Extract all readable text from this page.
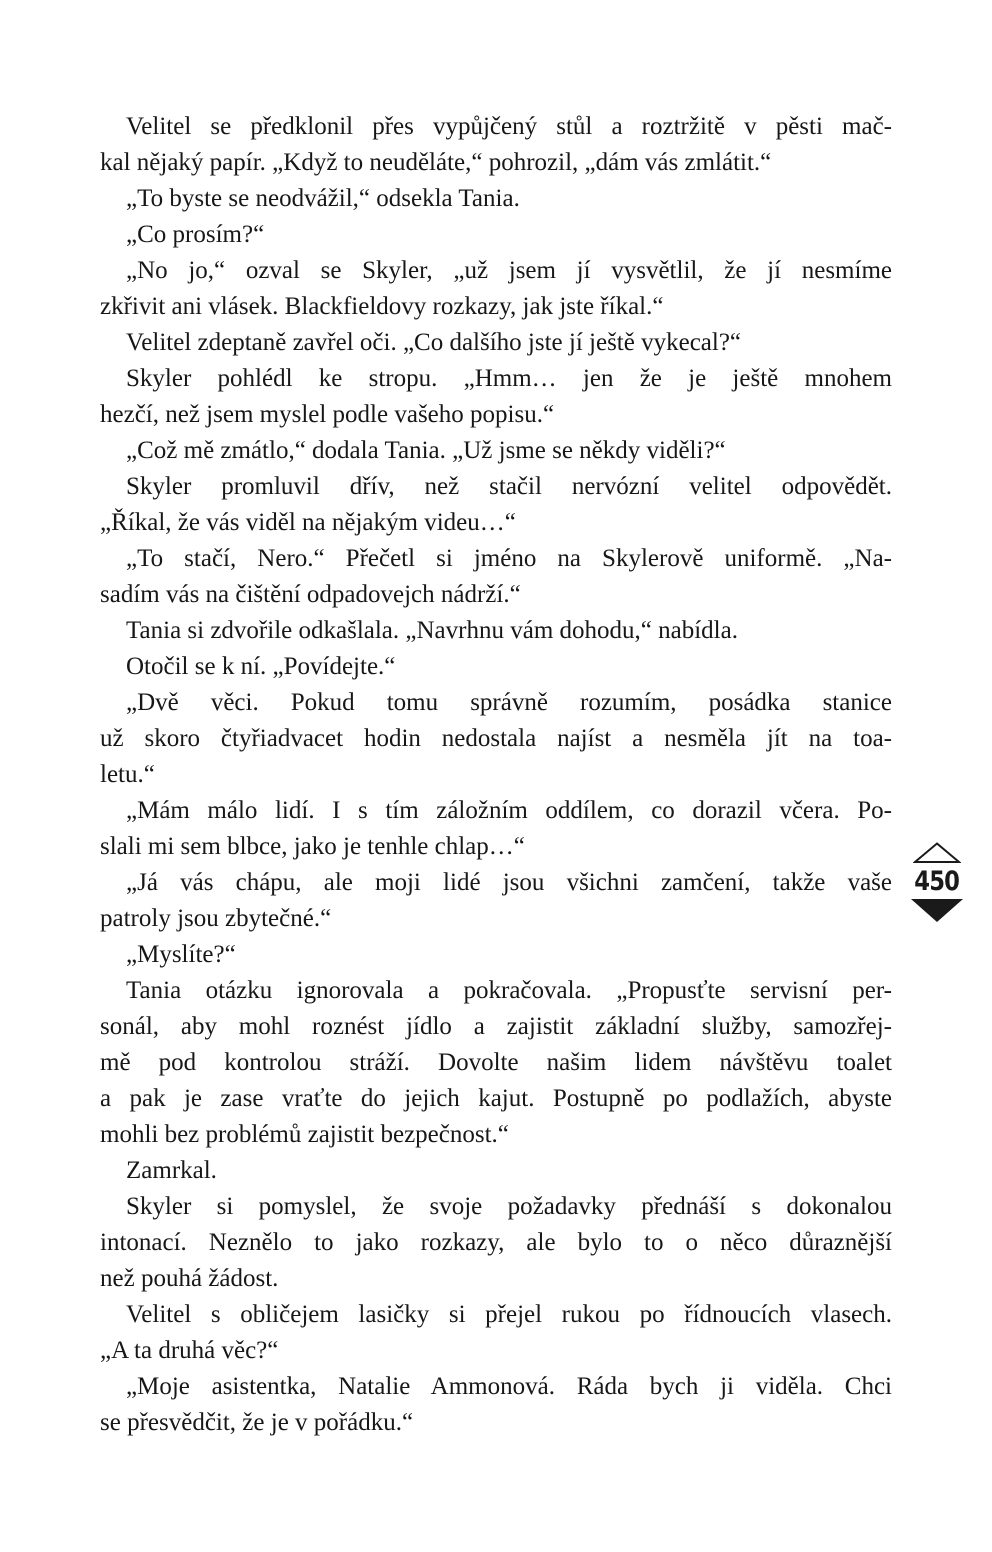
Velitel se předklonil přes vypůjčený stůl a roztržitě v pěsti mač-
kal nějaký papír. „Když to neuděláte,“ pohrozil, „dám vás zmlátit.“
„To byste se neodvážil,“ odsekla Tania.
„Co prosím?“
„No jo,“ ozval se Skyler, „už jsem jí vysvětlil, že jí nesmíme
zkřivit ani vlásek. Blackfieldovy rozkazy, jak jste říkal.“
Velitel zdeptaně zavřel oči. „Co dalšího jste jí ještě vykecal?“
Skyler pohlédl ke stropu. „Hmm… jen že je ještě mnohem
hezčí, než jsem myslel podle vašeho popisu.“
„Což mě zmátlo,“ dodala Tania. „Už jsme se někdy viděli?“
Skyler promluvil dřív, než stačil nervózní velitel odpovědět.
„Říkal, že vás viděl na nějakým videu…“
„To stačí, Nero.“ Přečetl si jméno na Skylerově uniformě. „Na-
sadím vás na čištění odpadovejch nádrží.“
Tania si zdvořile odkašlala. „Navrhnu vám dohodu,“ nabídla.
Otočil se k ní. „Povídejte.“
„Dvě věci. Pokud tomu správně rozumím, posádka stanice
už skoro čtyřiadvacet hodin nedostala najíst a nesměla jít na toa-
letu.“
„Mám málo lidí. I s tím záložním oddílem, co dorazil včera. Po-
slali mi sem blbce, jako je tenhle chlap…“
„Já vás chápu, ale moji lidé jsou všichni zamčení, takže vaše
patroly jsou zbytečné.“
„Myslíte?“
Tania otázku ignorovala a pokračovala. „Propusťte servisní per-
sonál, aby mohl roznést jídlo a zajistit základní služby, samozřej-
mě pod kontrolou stráží. Dovolte našim lidem návštěvu toalet
a pak je zase vraťte do jejich kajut. Postupně po podlažích, abyste
mohli bez problémů zajistit bezpečnost.“
Zamrkal.
Skyler si pomyslel, že svoje požadavky přednáší s dokonalou
intonací. Neznělo to jako rozkazy, ale bylo to o něco důraznější
než pouhá žádost.
Velitel s obličejem lasičky si přejel rukou po řídnoucích vlasech.
„A ta druhá věc?“
„Moje asistentka, Natalie Ammonová. Ráda bych ji viděla. Chci
se přesvědčit, že je v pořádku.“
450
